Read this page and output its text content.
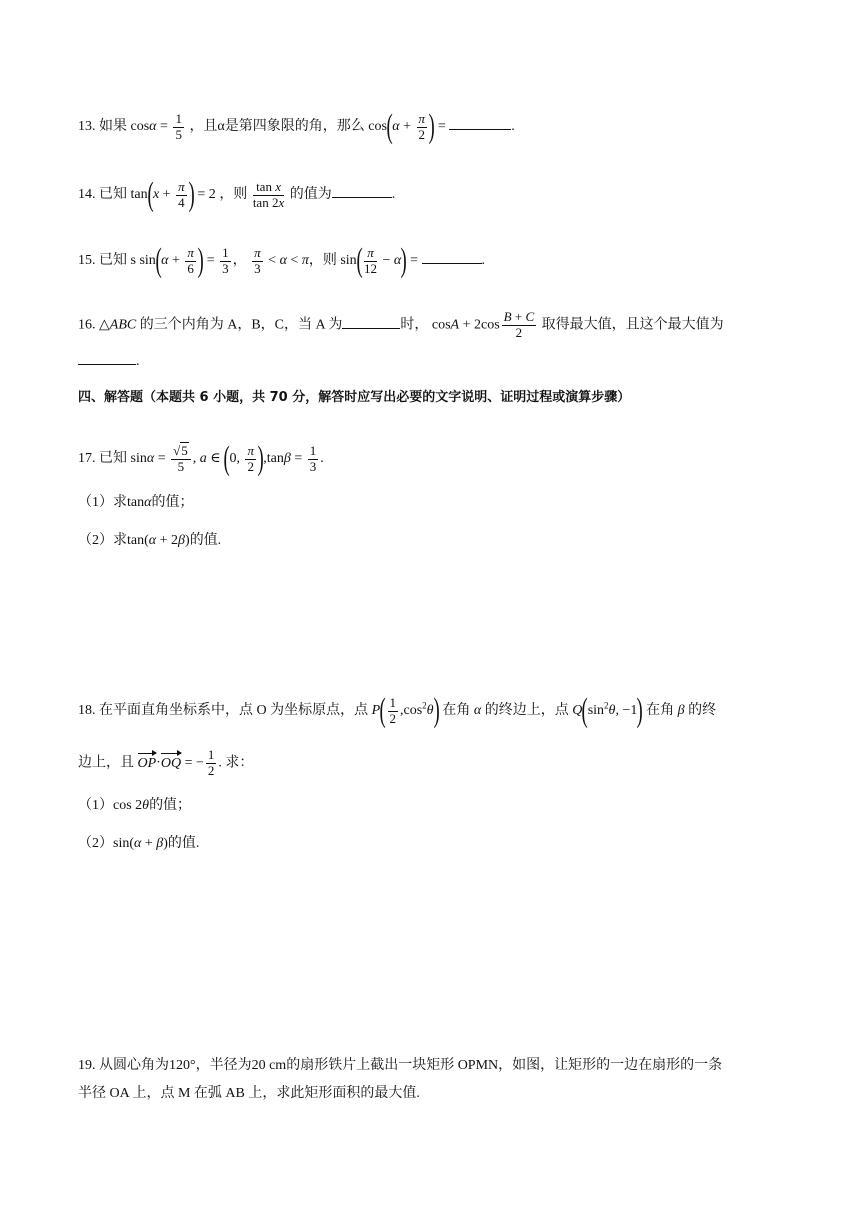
13. 如果 $\cos\alpha = \frac{1}{5}$ ，且α是第四象限的角，那么 $\cos(\alpha + \frac{\pi}{2}$ ) =	.
14. 已知 $\tan(x + \frac{\pi}{4}$ ) = 2 ，则 $\frac{\text{tan x}}{\tan 2x}$ 的值为	.
15. 已知 s $\sin(\alpha + \frac{\pi}{6}$ ) = $\frac{1}{3}$ ， $\frac{\pi}{3} < \alpha < \pi$，则 $\sin( \frac{\pi}{12} - \alpha)$ =	.
16. △ABC 的三个内角为 A，B，C，当 A 为	时， $\cos A + 2\cos \frac{B + C}{2}$ 取得最大值，且这个最大值为
.
四、解答题（本题共 6 小题，共 70 分，解答时应写出必要的文字说明、证明过程或演算步骤）
17. 已知 $\sin\alpha = \frac{√5}{5}$ , a ∈ (0, $\frac{\pi}{2} ),\tan\beta = \frac{1}{3}$ .
（1）求tanα的值；
（2）求tan(α + 2β)的值.
18. 在平面直角坐标系中，点 O 为坐标原点，点 $P( \frac{1}{2} ,\cos^2\theta)$ 在角 α 的终边上，点 $Q(\sin^2\theta$, −1) 在角 β 的终
边上，且 OP·OQ = − $\frac{1}{2}$ . 求：
（1）cos 2θ的值；
（2）sin(α + β)的值.
19. 从圆心角为120°，半径为20 cm的扇形铁片上截出一块矩形 OPMN，如图，让矩形的一边在扇形的一条
半径 OA 上，点 M 在弧 AB 上，求此矩形面积的最大值.
